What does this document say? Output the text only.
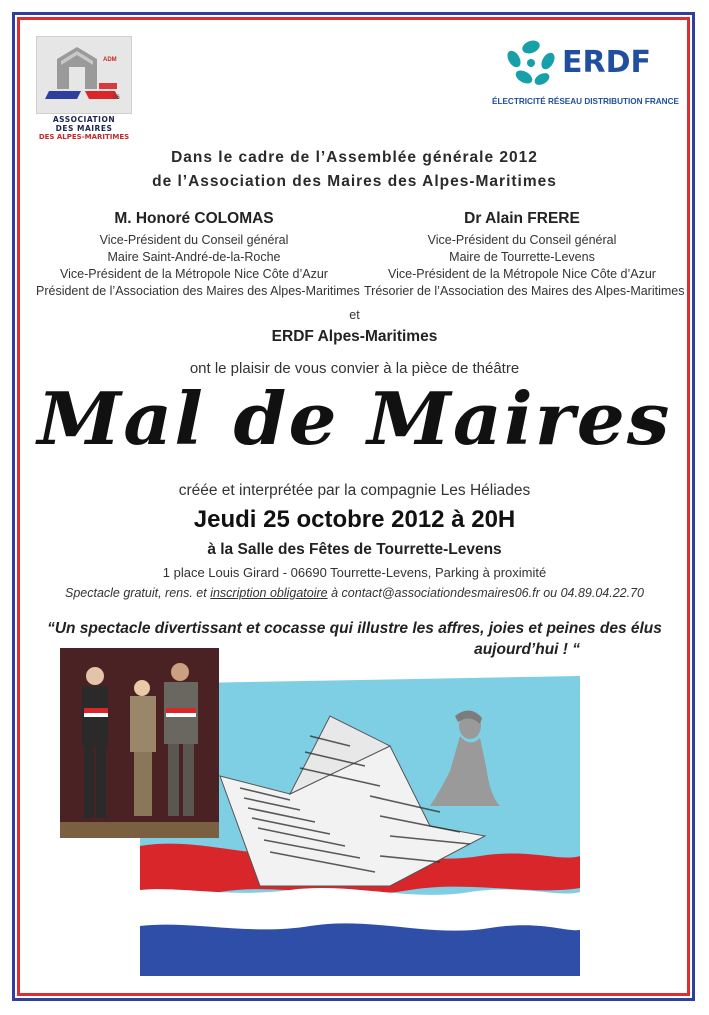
ADM
06
ASSOCIATION
DES MAIRES
DES ALPES-MARITIMES
ERDF
ÉLECTRICITÉ RÉSEAU DISTRIBUTION FRANCE
Dans le cadre de l’Assemblée générale 2012
de l’Association des Maires des Alpes-Maritimes
M. Honoré COLOMAS
Vice-Président du Conseil général
Maire Saint-André-de-la-Roche
Vice-Président de la Métropole Nice Côte d’Azur
Président de l’Association des Maires des Alpes-Maritimes
Dr Alain FRERE
Vice-Président du Conseil général
Maire de Tourrette-Levens
Vice-Président de la Métropole Nice Côte d’Azur
Trésorier de l’Association des Maires des Alpes-Maritimes
et
ERDF Alpes-Maritimes
ont le plaisir de vous convier à la pièce de théâtre
Mal de Maires
créée et interprétée par la compagnie Les Héliades
Jeudi 25 octobre 2012 à 20H
à la Salle des Fêtes de Tourrette-Levens
1 place Louis Girard - 06690 Tourrette-Levens, Parking à proximité
Spectacle gratuit, rens. et inscription obligatoire à contact@associationdesmaires06.fr ou 04.89.04.22.70
“Un spectacle divertissant et cocasse qui illustre les affres, joies et peines des élus
aujourd’hui ! “
